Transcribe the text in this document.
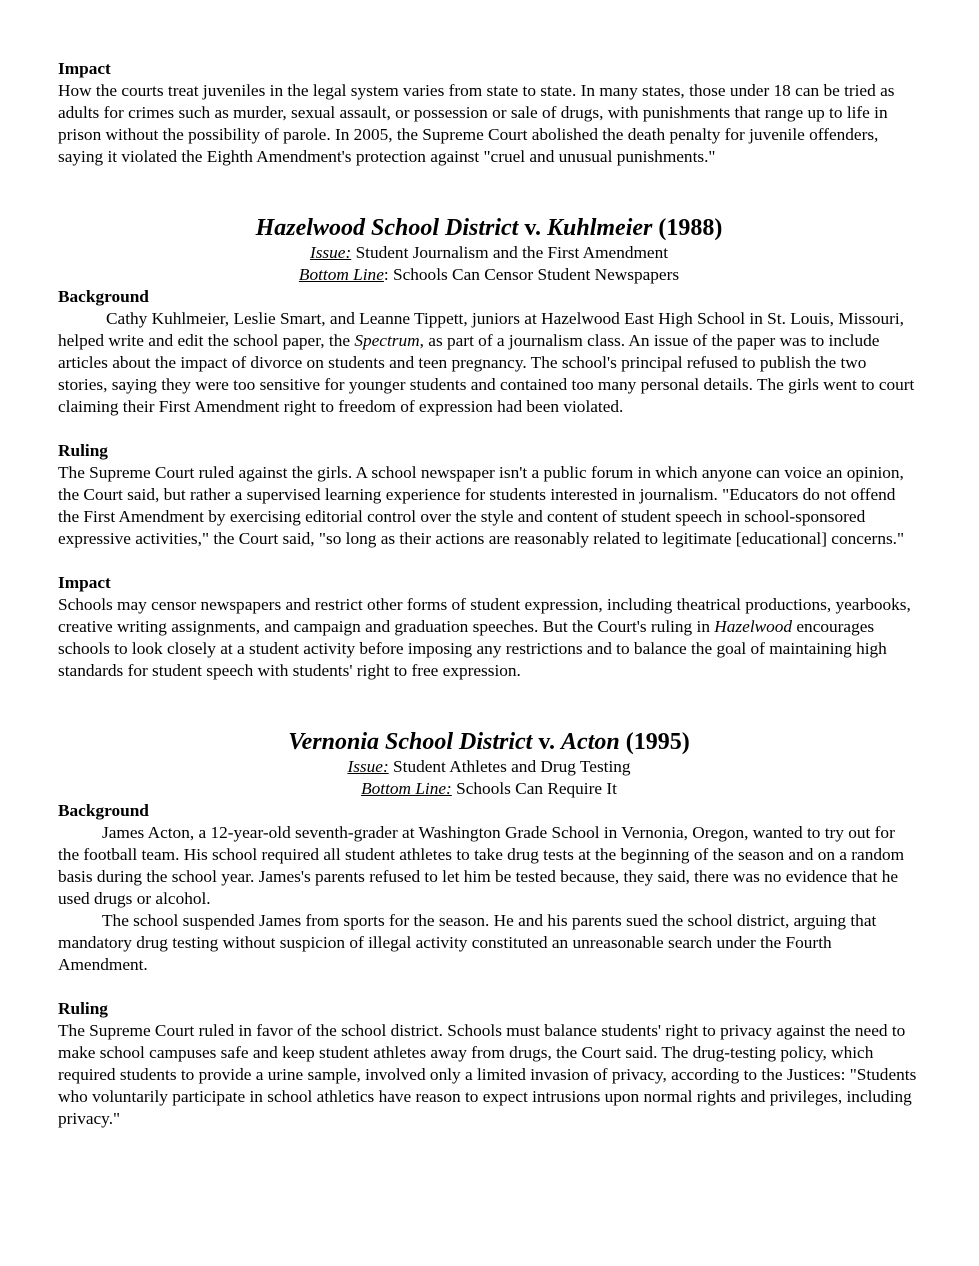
Impact

How the courts treat juveniles in the legal system varies from state to state. In many states, those under 18 can be tried as adults for crimes such as murder, sexual assault, or possession or sale of drugs, with punishments that range up to life in prison without the possibility of parole. In 2005, the Supreme Court abolished the death penalty for juvenile offenders, saying it violated the Eighth Amendment's protection against "cruel and unusual punishments."

Hazelwood School District v. Kuhlmeier (1988)

Issue: Student Journalism and the First Amendment

Bottom Line: Schools Can Censor Student Newspapers

Background

Cathy Kuhlmeier, Leslie Smart, and Leanne Tippett, juniors at Hazelwood East High School in St. Louis, Missouri, helped write and edit the school paper, the Spectrum, as part of a journalism class. An issue of the paper was to include articles about the impact of divorce on students and teen pregnancy. The school's principal refused to publish the two stories, saying they were too sensitive for younger students and contained too many personal details. The girls went to court claiming their First Amendment right to freedom of expression had been violated.

Ruling

The Supreme Court ruled against the girls. A school newspaper isn't a public forum in which anyone can voice an opinion, the Court said, but rather a supervised learning experience for students interested in journalism. "Educators do not offend the First Amendment by exercising editorial control over the style and content of student speech in school-sponsored expressive activities," the Court said, "so long as their actions are reasonably related to legitimate [educational] concerns."

Impact

Schools may censor newspapers and restrict other forms of student expression, including theatrical productions, yearbooks, creative writing assignments, and campaign and graduation speeches. But the Court's ruling in Hazelwood encourages schools to look closely at a student activity before imposing any restrictions and to balance the goal of maintaining high standards for student speech with students' right to free expression.

Vernonia School District v. Acton (1995)

Issue: Student Athletes and Drug Testing

Bottom Line: Schools Can Require It

Background

James Acton, a 12-year-old seventh-grader at Washington Grade School in Vernonia, Oregon, wanted to try out for the football team. His school required all student athletes to take drug tests at the beginning of the season and on a random basis during the school year. James's parents refused to let him be tested because, they said, there was no evidence that he used drugs or alcohol.

The school suspended James from sports for the season. He and his parents sued the school district, arguing that mandatory drug testing without suspicion of illegal activity constituted an unreasonable search under the Fourth Amendment.

Ruling

The Supreme Court ruled in favor of the school district. Schools must balance students' right to privacy against the need to make school campuses safe and keep student athletes away from drugs, the Court said. The drug-testing policy, which required students to provide a urine sample, involved only a limited invasion of privacy, according to the Justices: "Students who voluntarily participate in school athletics have reason to expect intrusions upon normal rights and privileges, including privacy."
